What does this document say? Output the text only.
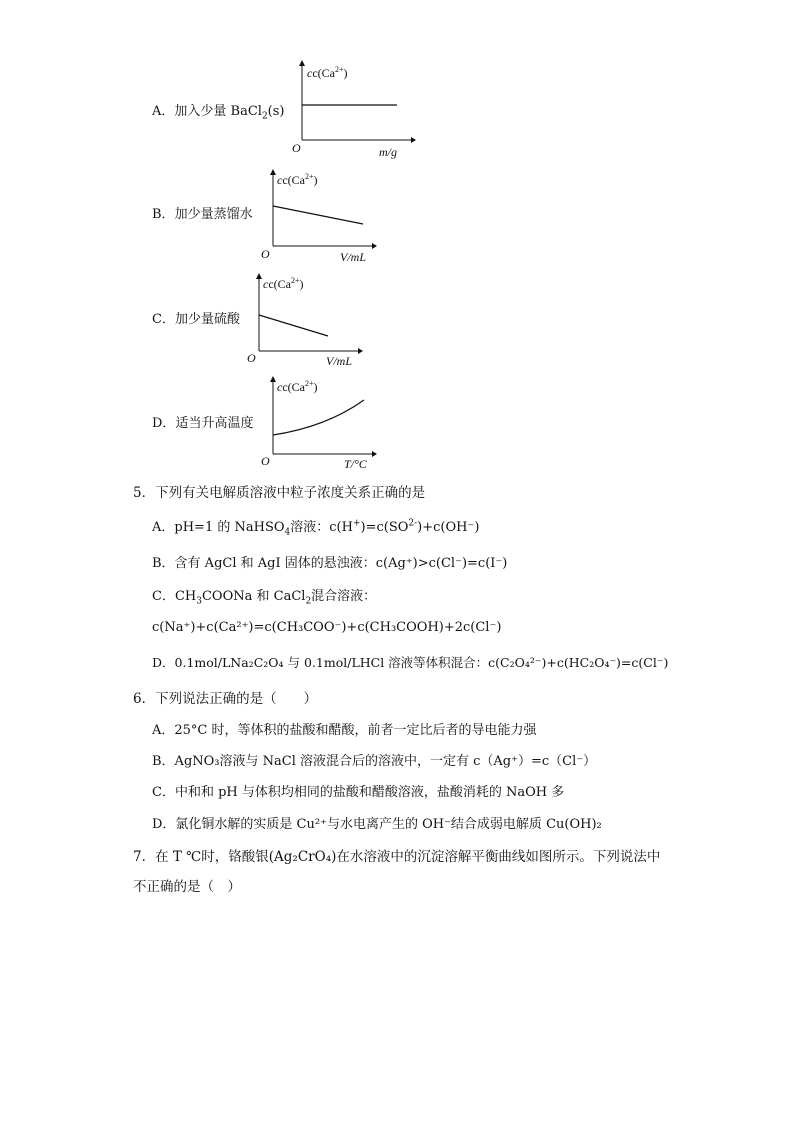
A．加入少量 BaCl$_2$(s)
$cc(Ca^{2+})$
O	m/g
B．加少量蒸馏水
$cc(Ca^{2+})$
O	V/mL
C．加少量硫酸
$cc(Ca^{2+})$
O	V/mL
D．适当升高温度
$cc(Ca^{2+})$
O	T/°C
5．下列有关电解质溶液中粒子浓度关系正确的是
A．pH=1 的 NaHSO$_4$溶液：$c(H^+)=c(SO^{2-})+c(OH^-)$
B．含有 AgCl 和 AgI 固体的悬浊液：c(Ag⁺)>c(Cl⁻)=c(I⁻)
C．$CH_3COONa$ 和 CaCl$_2$混合溶液：
c(Na⁺)+c(Ca²⁺)=c(CH₃COO⁻)+c(CH₃COOH)+2c(Cl⁻)
D．0.1mol/LNa₂C₂O₄ 与 0.1mol/LHCl 溶液等体积混合：c(C₂O₄²⁻)+c(HC₂O₄⁻)=c(Cl⁻)
6．下列说法正确的是（　　）
A．25°C 时，等体积的盐酸和醋酸，前者一定比后者的导电能力强
B．AgNO₃溶液与 NaCl 溶液混合后的溶液中，一定有 c（Ag⁺）=c（Cl⁻）
C．中和和 pH 与体积均相同的盐酸和醋酸溶液，盐酸消耗的 NaOH 多
D．氯化铜水解的实质是 Cu²⁺与水电离产生的 OH⁻结合成弱电解质 Cu(OH)₂
7．在 T ℃时，铬酸银(Ag₂CrO₄)在水溶液中的沉淀溶解平衡曲线如图所示。下列说法中
不正确的是（　）
